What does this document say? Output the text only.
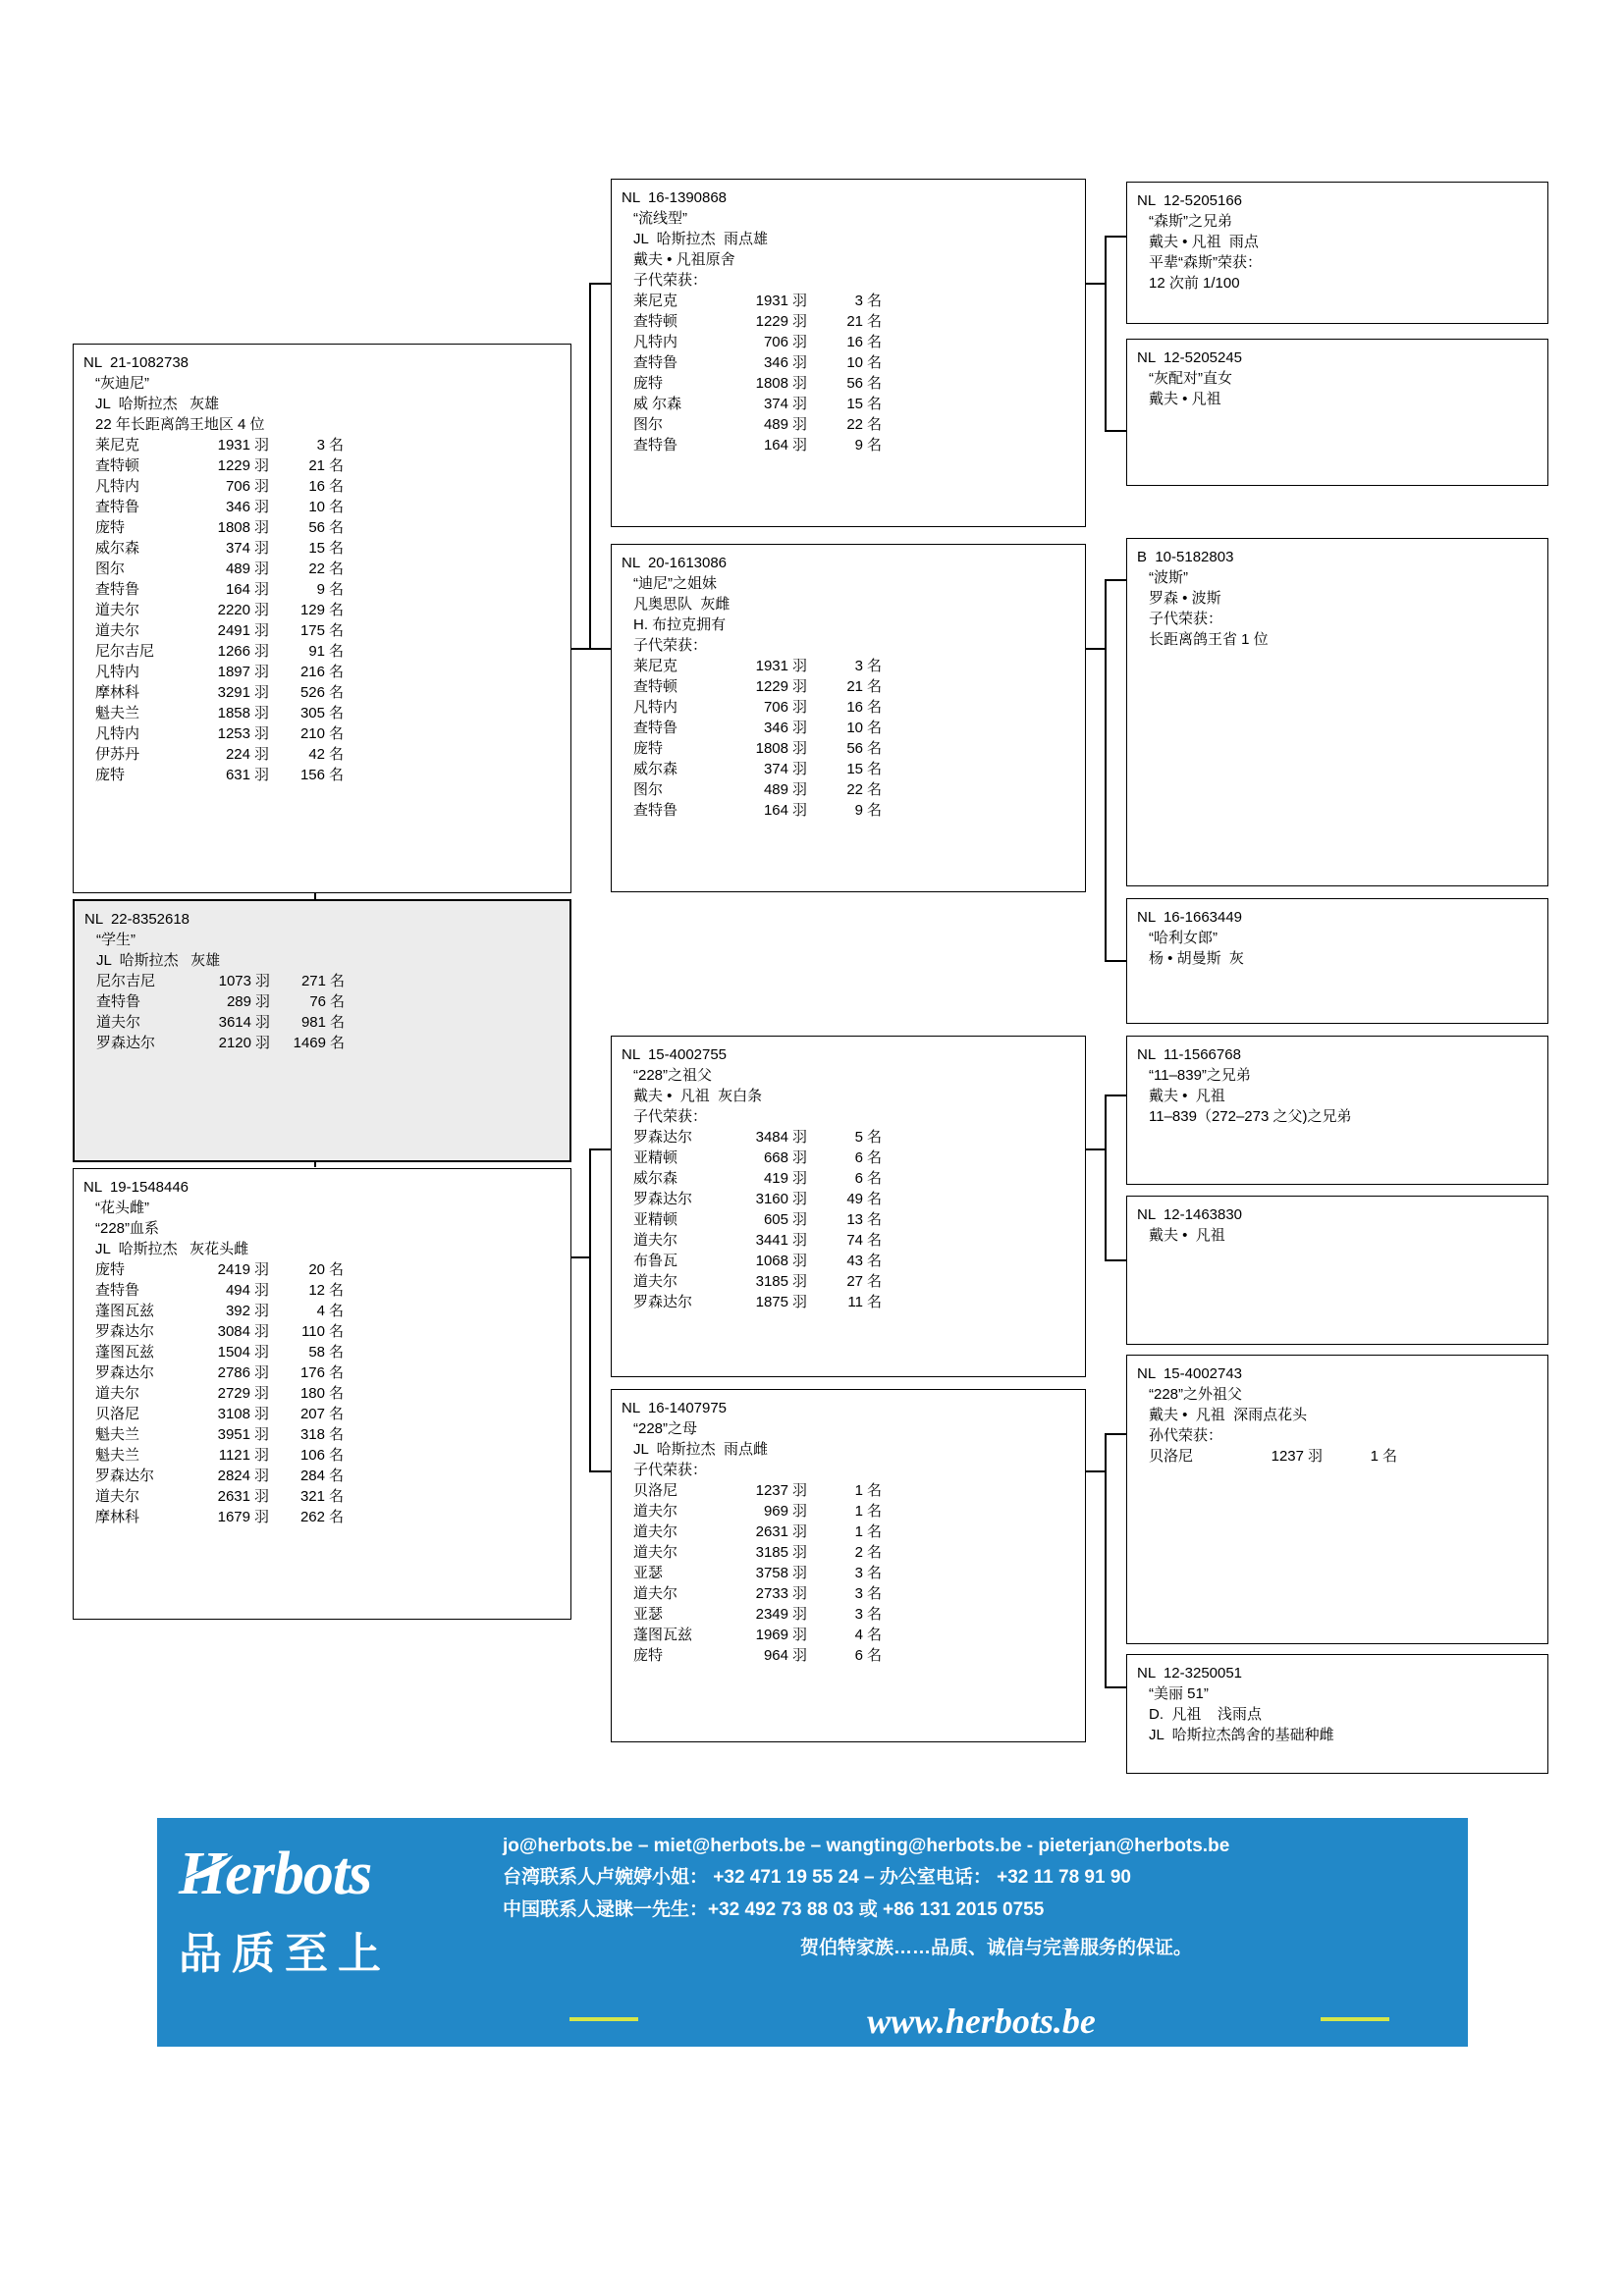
NL  21-1082738
“灰迪尼”
JL  哈斯拉杰   灰雄
22 年长距离鸽王地区 4 位
莱尼克	1931 羽	3 名
查特顿	1229 羽	21 名
凡特内	706 羽	16 名
查特鲁	346 羽	10 名
庞特	1808 羽	56 名
威尔森	374 羽	15 名
图尔	489 羽	22 名
查特鲁	164 羽	9 名
道夫尔	2220 羽 129 名
道夫尔	2491 羽 175 名
尼尔吉尼	1266 羽	91 名
凡特内	1897 羽 216 名
摩林科	3291 羽 526 名
魁夫兰	1858 羽 305 名
凡特内	1253 羽 210 名
伊苏丹	224 羽	42 名
庞特	631 羽 156 名
NL  22-8352618
“学生”
JL  哈斯拉杰   灰雄
尼尔吉尼	1073 羽 271 名
查特鲁	289 羽	76 名
道夫尔	3614 羽 981 名
罗森达尔	2120 羽 1469 名
NL  19-1548446
“花头雌”
“228”血系
JL  哈斯拉杰   灰花头雌
庞特	2419 羽	20 名
查特鲁	494 羽	12 名
蓬图瓦兹	392 羽	4 名
罗森达尔	3084 羽 110 名
蓬图瓦兹	1504 羽	58 名
罗森达尔	2786 羽 176 名
道夫尔	2729 羽 180 名
贝洛尼	3108 羽 207 名
魁夫兰	3951 羽 318 名
魁夫兰	1121 羽 106 名
罗森达尔	2824 羽 284 名
道夫尔	2631 羽 321 名
摩林科	1679 羽 262 名
NL  16-1390868
“流线型”
JL  哈斯拉杰  雨点雄
戴夫 • 凡祖原舍
子代荣获：
莱尼克	1931 羽	3 名
查特顿	1229 羽	21 名
凡特内	706 羽	16 名
查特鲁	346 羽	10 名
庞特	1808 羽	56 名
威 尔森	374 羽	15 名
图尔	489 羽	22 名
查特鲁	164 羽	9 名
NL  20-1613086
“迪尼”之姐妹
凡奥思队  灰雌
H. 布拉克拥有
子代荣获：
莱尼克	1931 羽	3 名
查特顿	1229 羽	21 名
凡特内	706 羽	16 名
查特鲁	346 羽	10 名
庞特	1808 羽	56 名
威尔森	374 羽	15 名
图尔	489 羽	22 名
查特鲁	164 羽	9 名
NL  15-4002755
“228”之祖父
戴夫 •  凡祖  灰白条
子代荣获：
罗森达尔	3484 羽	5 名
亚精顿	668 羽	6 名
威尔森	419 羽	6 名
罗森达尔	3160 羽	49 名
亚精顿	605 羽	13 名
道夫尔	3441 羽	74 名
布鲁瓦	1068 羽	43 名
道夫尔	3185 羽	27 名
罗森达尔	1875 羽	11 名
NL  16-1407975
“228”之母
JL  哈斯拉杰  雨点雌
子代荣获：
贝洛尼	1237 羽	1 名
道夫尔	969 羽	1 名
道夫尔	2631 羽	1 名
道夫尔	3185 羽	2 名
亚瑟	3758 羽	3 名
道夫尔	2733 羽	3 名
亚瑟	2349 羽	3 名
蓬图瓦兹	1969 羽	4 名
庞特	964 羽	6 名
NL  12-5205166
“森斯”之兄弟
戴夫 • 凡祖  雨点
平辈“森斯”荣获：
12 次前 1/100
NL  12-5205245
“灰配对”直女
戴夫 • 凡祖
B  10-5182803
“波斯”
罗森 • 波斯
子代荣获：
长距离鸽王省 1 位
NL  16-1663449
“哈利女郎”
杨 • 胡曼斯  灰
NL  11-1566768
“11–839”之兄弟
戴夫 •  凡祖
11–839（272–273 之父)之兄弟
NL  12-1463830
戴夫 •  凡祖
NL  15-4002743
“228”之外祖父
戴夫 •  凡祖  深雨点花头
孙代荣获：
贝洛尼	1237 羽	1 名
NL  12-3250051
“美丽 51”
D.  凡祖    浅雨点
JL  哈斯拉杰鸽舍的基础种雌
Herbots
品质至上
jo@herbots.be – miet@herbots.be – wangting@herbots.be - pieterjan@herbots.be
台湾联系人卢婉婷小姐： +32 471 19 55 24 – 办公室电话： +32 11 78 91 90
中国联系人逯睐一先生：+32 492 73 88 03 或 +86 131 2015 0755
贺伯特家族……品质、诚信与完善服务的保证。
www.herbots.be
